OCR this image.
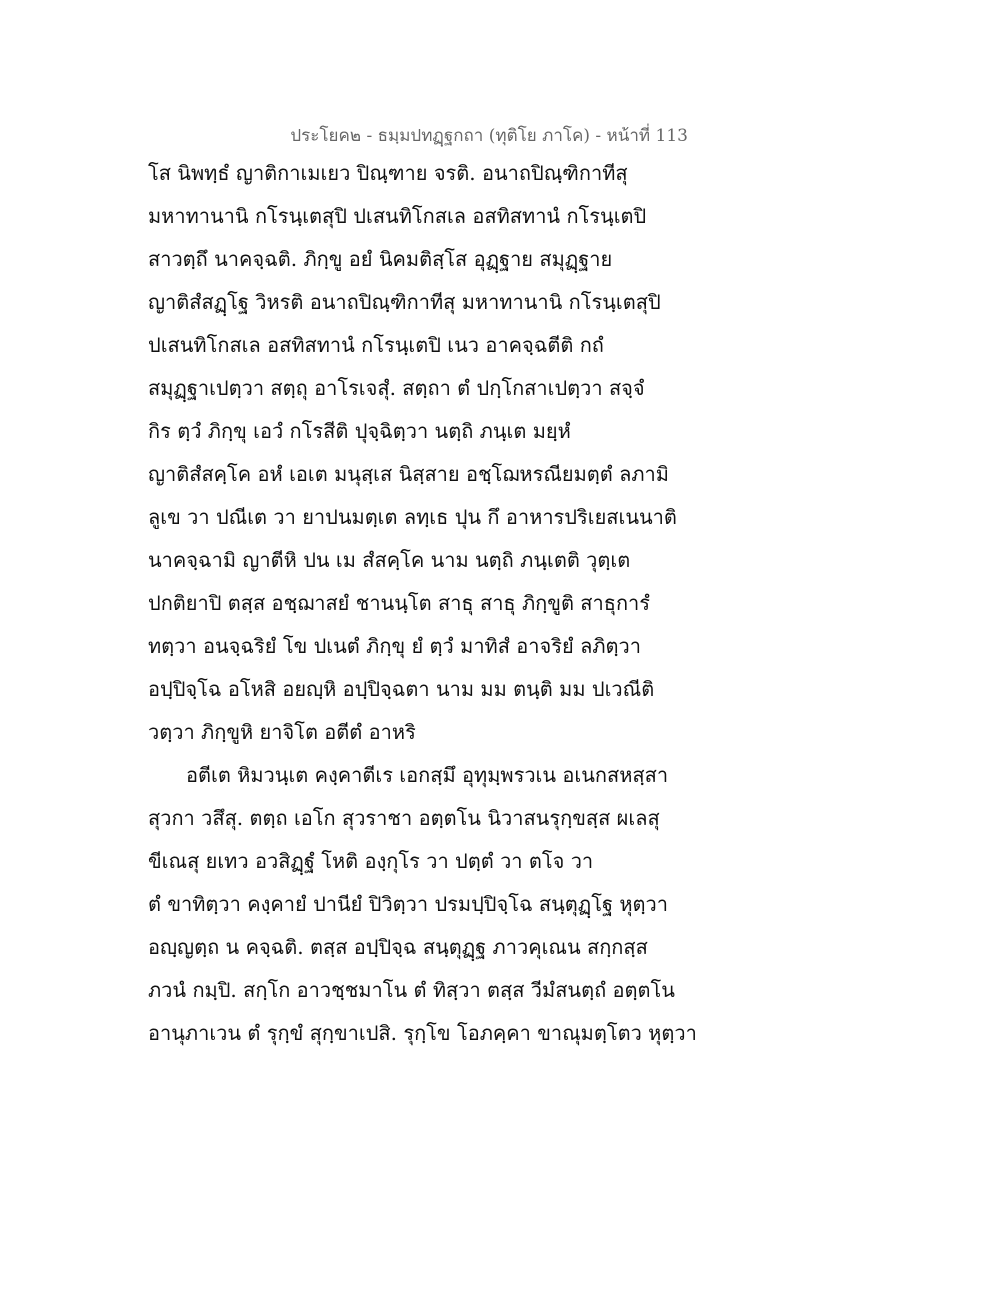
ประโยค๒ - ธมฺมปทฏฺฐกถา (ทุติโย ภาโค) - หน้าที่ 113
โส นิพทฺธํ ญาติกาเมเยว ปิณฺฑาย จรติ. อนาถปิณฺฑิกาทีสุ
มหาทานานิ กโรนฺเตสุปิ ปเสนทิโกสเล อสทิสทานํ กโรนฺเตปิ
สาวตฺถึ นาคจฺฉติ. ภิกฺขู อยํ นิคมติสฺโส อุฏฺฐาย สมุฏฺฐาย
ญาติสํสฏฺโฐ วิหรติ อนาถปิณฺฑิกาทีสุ มหาทานานิ กโรนฺเตสุปิ
ปเสนทิโกสเล อสทิสทานํ กโรนฺเตปิ เนว อาคจฺฉตีติ กถํ
สมุฏฺฐาเปตฺวา สตฺถุ อาโรเจสุํ. สตฺถา ตํ ปกฺโกสาเปตฺวา สจฺจํ
กิร ตฺวํ ภิกฺขุ เอวํ กโรสีติ ปุจฺฉิตฺวา นตฺถิ ภนฺเต มยฺหํ
ญาติสํสคฺโค อหํ เอเต มนุสฺเส นิสฺสาย อชฺโฌหรณียมตฺตํ ลภามิ
ลูเข วา ปณีเต วา ยาปนมตฺเต ลทฺเธ ปุน กึ อาหารปริเยสเนนาติ
นาคจฺฉามิ ญาตีหิ ปน เม สํสคฺโค นาม นตฺถิ ภนฺเตติ วุตฺเต
ปกติยาปิ ตสฺส อชฺฌาสยํ ชานนฺโต สาธุ สาธุ ภิกฺขูติ สาธุการํ
ทตฺวา อนจฺฉริยํ โข ปเนตํ ภิกฺขุ ยํ ตฺวํ มาทิสํ อาจริยํ ลภิตฺวา
อปฺปิจฺโฉ อโหสิ อยญฺหิ อปฺปิจฺฉตา นาม มม ตนฺติ มม ปเวณีติ
วตฺวา ภิกฺขูหิ ยาจิโต อตีตํ อาหริ
อตีเต หิมวนฺเต คงฺคาตีเร เอกสฺมึ อุทุมฺพรวเน อเนกสหสฺสา
สุวกา วสึสุ. ตตฺถ เอโก สุวราชา อตฺตโน นิวาสนรุกฺขสฺส ผเลสุ
ขีเณสุ ยเทว อวสิฏฺฐํ โหติ องฺกุโร วา ปตฺตํ วา ตโจ วา
ตํ ขาทิตฺวา คงฺคายํ ปานียํ ปิวิตฺวา ปรมปฺปิจฺโฉ สนฺตุฏฺโฐ หุตฺวา
อญฺญตฺถ น คจฺฉติ. ตสฺส อปฺปิจฺฉ สนฺตุฏฺฐ ภาวคุเณน สกฺกสฺส
ภวนํ กมฺปิ. สกฺโก อาวชฺชมาโน ตํ ทิสฺวา ตสฺส วีมํสนตฺถํ อตฺตโน
อานุภาเวน ตํ รุกฺขํ สุกฺขาเปสิ. รุกฺโข โอภคฺคา ขาณุมตฺโตว หุตฺวา
